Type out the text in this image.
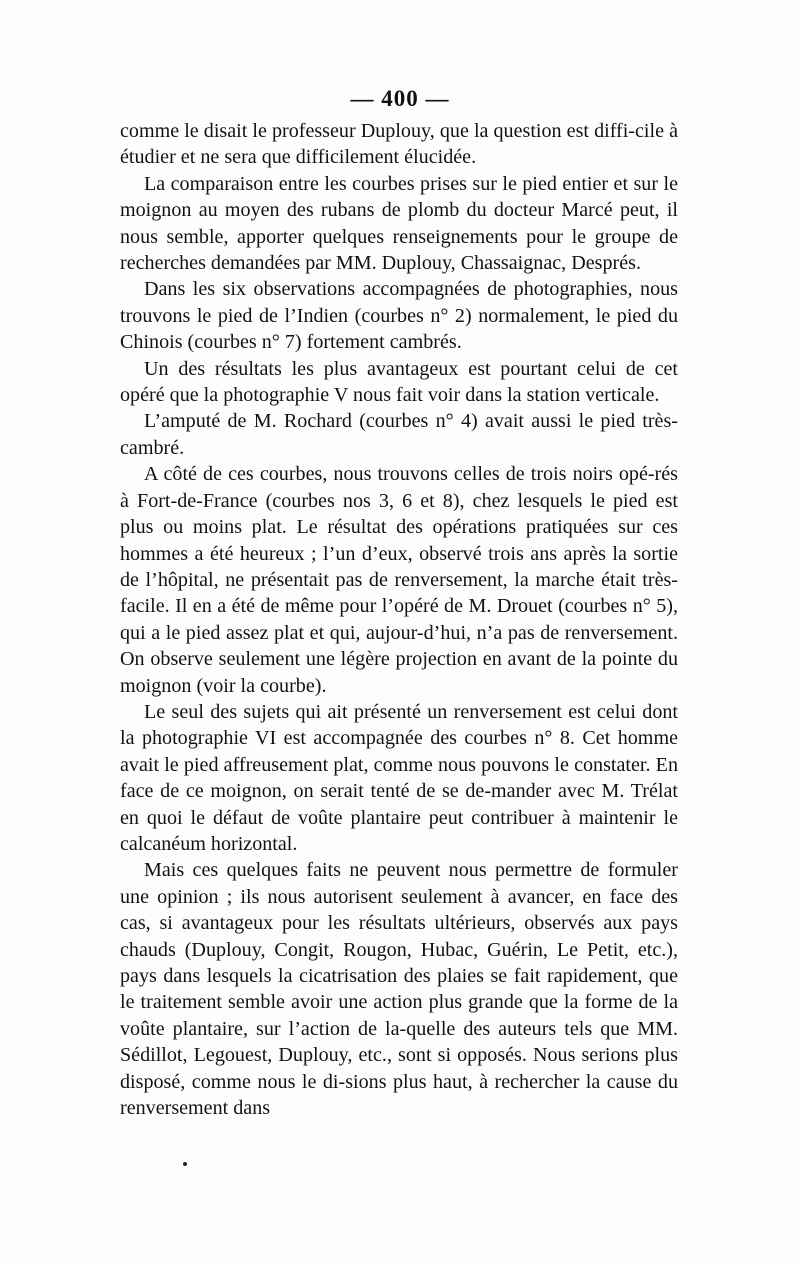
— 400 —

comme le disait le professeur Duplouy, que la question est diffi-cile à étudier et ne sera que difficilement élucidée.

La comparaison entre les courbes prises sur le pied entier et sur le moignon au moyen des rubans de plomb du docteur Marcé peut, il nous semble, apporter quelques renseignements pour le groupe de recherches demandées par MM. Duplouy, Chassaignac, Després.

Dans les six observations accompagnées de photographies, nous trouvons le pied de l’Indien (courbes n° 2) normalement, le pied du Chinois (courbes n° 7) fortement cambrés.

Un des résultats les plus avantageux est pourtant celui de cet opéré que la photographie V nous fait voir dans la station verticale.

L’amputé de M. Rochard (courbes n° 4) avait aussi le pied très-cambré.

A côté de ces courbes, nous trouvons celles de trois noirs opé-rés à Fort-de-France (courbes nos 3, 6 et 8), chez lesquels le pied est plus ou moins plat. Le résultat des opérations pratiquées sur ces hommes a été heureux ; l’un d’eux, observé trois ans après la sortie de l’hôpital, ne présentait pas de renversement, la marche était très-facile. Il en a été de même pour l’opéré de M. Drouet (courbes n° 5), qui a le pied assez plat et qui, aujour-d’hui, n’a pas de renversement. On observe seulement une légère projection en avant de la pointe du moignon (voir la courbe).

Le seul des sujets qui ait présenté un renversement est celui dont la photographie VI est accompagnée des courbes n° 8. Cet homme avait le pied affreusement plat, comme nous pouvons le constater. En face de ce moignon, on serait tenté de se de-mander avec M. Trélat en quoi le défaut de voûte plantaire peut contribuer à maintenir le calcanéum horizontal.

Mais ces quelques faits ne peuvent nous permettre de formuler une opinion ; ils nous autorisent seulement à avancer, en face des cas, si avantageux pour les résultats ultérieurs, observés aux pays chauds (Duplouy, Congit, Rougon, Hubac, Guérin, Le Petit, etc.), pays dans lesquels la cicatrisation des plaies se fait rapidement, que le traitement semble avoir une action plus grande que la forme de la voûte plantaire, sur l’action de la-quelle des auteurs tels que MM. Sédillot, Legouest, Duplouy, etc., sont si opposés. Nous serions plus disposé, comme nous le di-sions plus haut, à rechercher la cause du renversement dans
